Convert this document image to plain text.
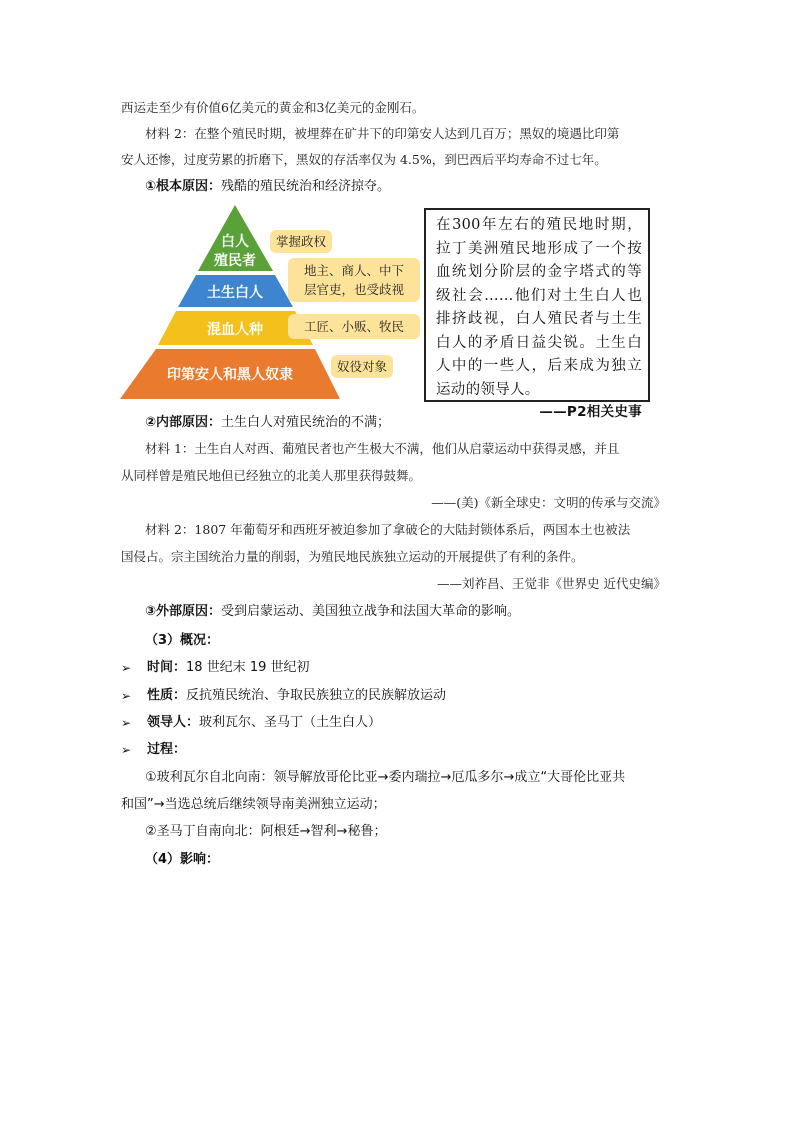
西运走至少有价值6亿美元的黄金和3亿美元的金刚石。
材料 2：在整个殖民时期，被埋葬在矿井下的印第安人达到几百万；黑奴的境遇比印第
安人还惨，过度劳累的折磨下，黑奴的存活率仅为 4.5%，到巴西后平均寿命不过七年。
①根本原因：残酷的殖民统治和经济掠夺。
白人
殖民者
土生白人
混血人种
印第安人和黑人奴隶
掌握政权
地主、商人、中下
层官吏，也受歧视
工匠、小贩、牧民
奴役对象
在300年左右的殖民地时期，拉丁美洲殖民地形成了一个按血统划分阶层的金字塔式的等级社会……他们对土生白人也排挤歧视，白人殖民者与土生白人的矛盾日益尖锐。土生白人中的一些人，后来成为独立运动的领导人。
——P2相关史事
②内部原因：土生白人对殖民统治的不满；
材料 1：土生白人对西、葡殖民者也产生极大不满，他们从启蒙运动中获得灵感，并且
从同样曾是殖民地但已经独立的北美人那里获得鼓舞。
——(美)《新全球史：文明的传承与交流》
材料 2：1807 年葡萄牙和西班牙被迫参加了拿破仑的大陆封锁体系后，两国本土也被法
国侵占。宗主国统治力量的削弱，为殖民地民族独立运动的开展提供了有利的条件。
——刘祚昌、王觉非《世界史 近代史编》
③外部原因：受到启蒙运动、美国独立战争和法国大革命的影响。
（3）概况：
➢ 时间：18 世纪末 19 世纪初
➢ 性质：反抗殖民统治、争取民族独立的民族解放运动
➢ 领导人：玻利瓦尔、圣马丁（土生白人）
➢ 过程：
①玻利瓦尔自北向南：领导解放哥伦比亚→委内瑞拉→厄瓜多尔→成立“大哥伦比亚共
和国”→当选总统后继续领导南美洲独立运动；
②圣马丁自南向北：阿根廷→智利→秘鲁；
（4）影响：
